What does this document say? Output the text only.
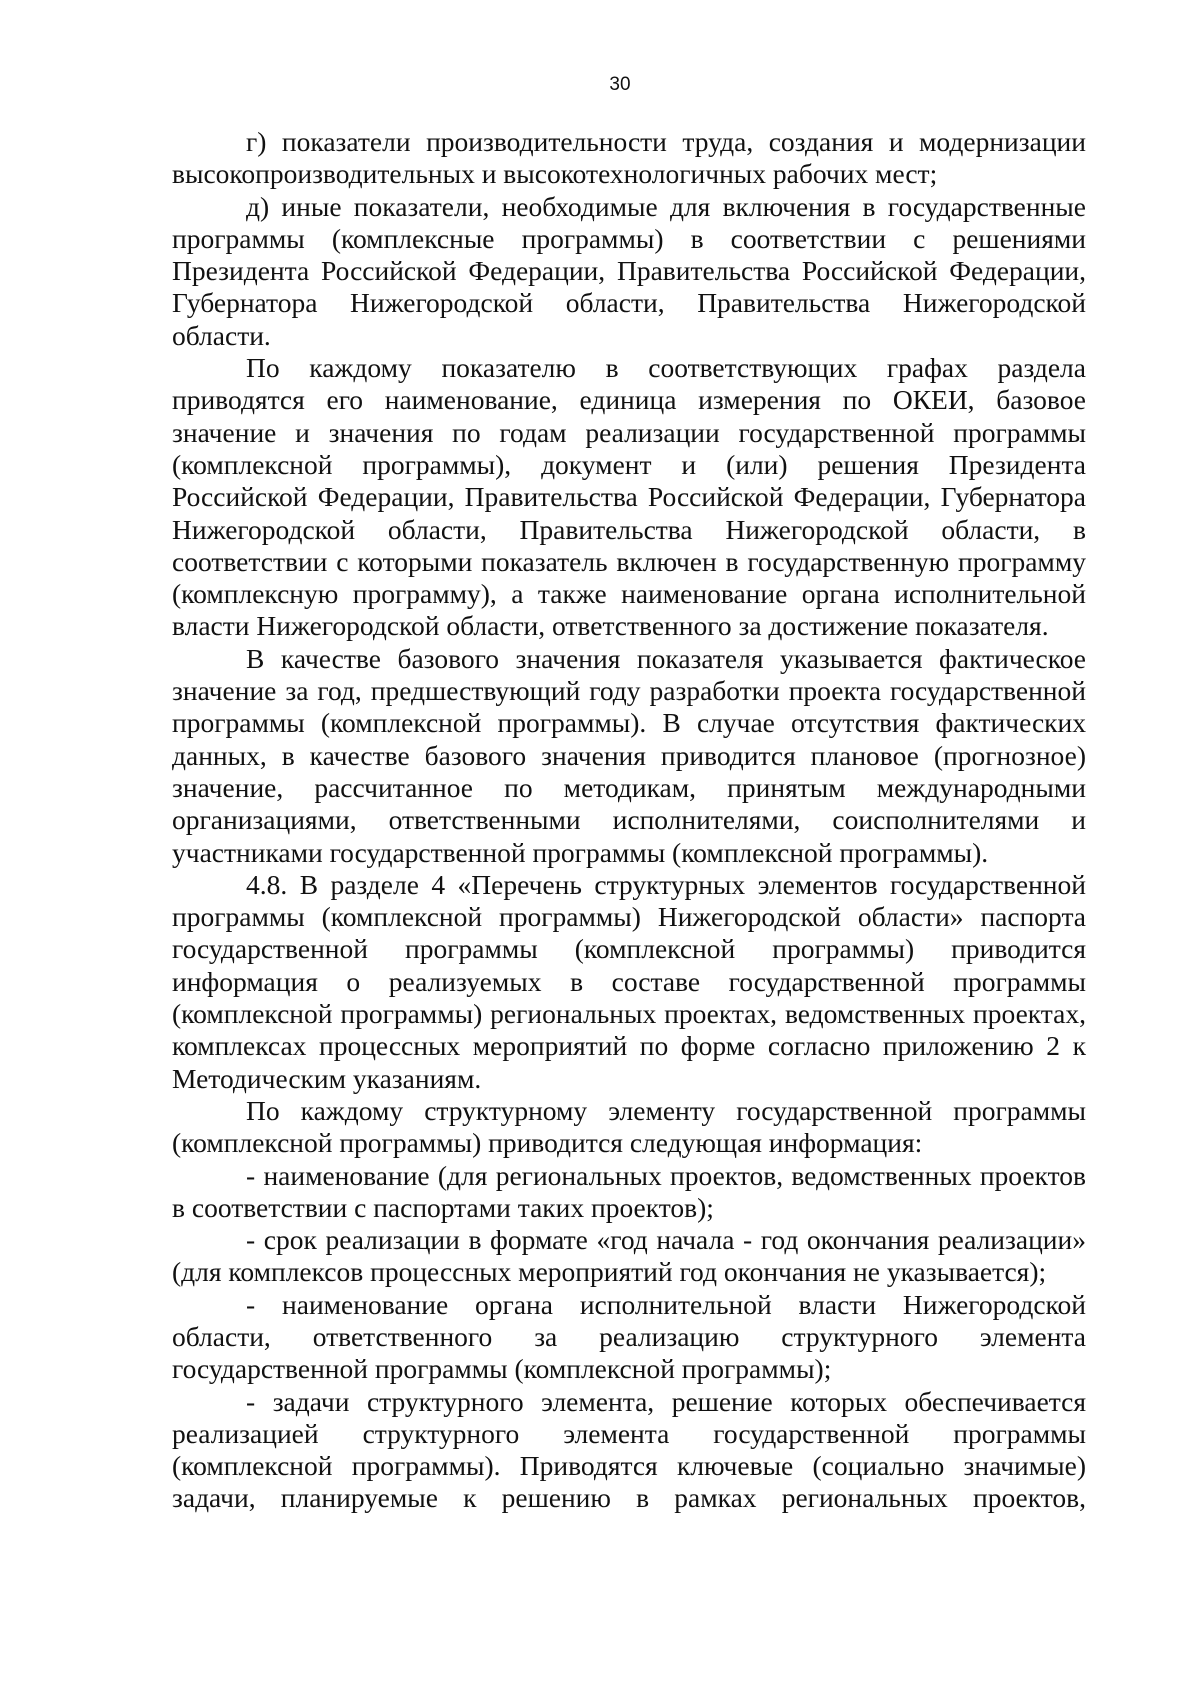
30

г) показатели производительности труда, создания и модернизации высокопроизводительных и высокотехнологичных рабочих мест;

д) иные показатели, необходимые для включения в государственные программы (комплексные программы) в соответствии с решениями Президента Российской Федерации, Правительства Российской Федерации, Губернатора Нижегородской области, Правительства Нижегородской области.

По каждому показателю в соответствующих графах раздела приводятся его наименование, единица измерения по ОКЕИ, базовое значение и значения по годам реализации государственной программы (комплексной программы), документ и (или) решения Президента Российской Федерации, Правительства Российской Федерации, Губернатора Нижегородской области, Правительства Нижегородской области, в соответствии с которыми показатель включен в государственную программу (комплексную программу), а также наименование органа исполнительной власти Нижегородской области, ответственного за достижение показателя.

В качестве базового значения показателя указывается фактическое значение за год, предшествующий году разработки проекта государственной программы (комплексной программы). В случае отсутствия фактических данных, в качестве базового значения приводится плановое (прогнозное) значение, рассчитанное по методикам, принятым международными организациями, ответственными исполнителями, соисполнителями и участниками государственной программы (комплексной программы).

4.8. В разделе 4 «Перечень структурных элементов государственной программы (комплексной программы) Нижегородской области» паспорта государственной программы (комплексной программы) приводится информация о реализуемых в составе государственной программы (комплексной программы) региональных проектах, ведомственных проектах, комплексах процессных мероприятий по форме согласно приложению 2 к Методическим указаниям.

По каждому структурному элементу государственной программы (комплексной программы) приводится следующая информация:

- наименование (для региональных проектов, ведомственных проектов в соответствии с паспортами таких проектов);

- срок реализации в формате «год начала - год окончания реализации» (для комплексов процессных мероприятий год окончания не указывается);

- наименование органа исполнительной власти Нижегородской области, ответственного за реализацию структурного элемента государственной программы (комплексной программы);

- задачи структурного элемента, решение которых обеспечивается реализацией структурного элемента государственной программы (комплексной программы). Приводятся ключевые (социально значимые) задачи, планируемые к решению в рамках региональных проектов,
